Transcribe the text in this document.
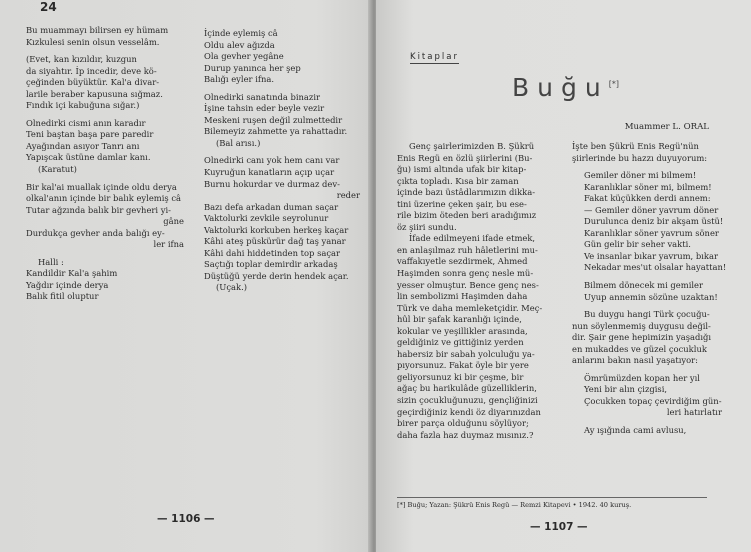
24
Bu muammayı bilirsen ey hümam
Kızkulesi senin olsun vesselâm.
(Evet, kan kızıldır, kuzgun
da siyahtır. İp incedir, deve kö-
çeğinden büyüktür. Kal'a divar-
larile beraber kapusuna sığmaz.
Fındık içi kabuğuna sığar.)
Olnedirki cismi anın karadır
Teni baştan başa pare paredir
Ayağından asıyor Tanrı anı
Yapışcak üstüne damlar kanı.
(Karatut)
Bir kal'ai muallak içinde oldu derya
olkal'anın içinde bir balık eylemiş câ
Tutar ağzında balık bir gevheri yi-
gâne
Durdukça gevher anda balığı ey-
ler ifna
Halli :
Kandildir Kal'a şahim
Yağdır içinde derya
Balık fitil oluptur
İçinde eylemiş câ
Oldu alev ağızda
Ola gevher yegâne
Durup yanınca her şep
Balığı eyler ifna.
Olnedirki sanatında binazir
İşine tahsin eder beyle vezir
Meskeni ruşen değil zulmettedir
Bilemeyiz zahmette ya rahattadır.
(Bal arısı.)
Olnedirki canı yok hem canı var
Kuyruğun kanatların açıp uçar
Burnu hokurdar ve durmaz dev-
reder
Bazı defa arkadan duman saçar
Vaktolurki zevkile seyrolunur
Vaktolurki korkuben herkeş kaçar
Kâhi ateş püskürür dağ taş yanar
Kâhi dahi hiddetinden top saçar
Saçtığı toplar demirdir arkadaş
Düştüğü yerde derin hendek açar.
(Uçak.)
— 1106 —
Kitaplar
Buğu[*]
Muammer L. ORAL
Genç şairlerimizden B. Şükrü
Enis Regü en özlü şiirlerini (Bu-
ğu) ismi altında ufak bir kitap-
çıkta topladı. Kısa bir zaman
içinde bazı üstâdlarımızın dikka-
tini üzerine çeken şair, bu ese-
rile bizim öteden beri aradığımız
öz şiiri sundu.
İfade edilmeyeni ifade etmek,
en anlaşılmaz ruh hâletlerini mu-
vaffakıyetle sezdirmek, Ahmed
Haşimden sonra genç nesle mü-
yesser olmuştur. Bence genç nes-
lin sembolizmi Haşimden daha
Türk ve daha memleketçidir. Meç-
hûl bir şafak karanlığı içinde,
kokular ve yeşillikler arasında,
geldiğiniz ve gittiğiniz yerden
habersiz bir sabah yolculuğu ya-
pıyorsunuz. Fakat öyle bir yere
geliyorsunuz ki bir çeşme, bir
ağaç bu harikulâde güzelliklerin,
sizin çocukluğunuzu, gençliğinizi
geçirdiğiniz kendi öz diyarınızdan
birer parça olduğunu söylüyor;
daha fazla haz duymaz mısınız.?
İşte ben Şükrü Enis Regü'nün
şiirlerinde bu hazzı duyuyorum:
Gemiler döner mi bilmem!
Karanlıklar söner mi, bilmem!
Fakat küçükken derdi annem:
— Gemiler döner yavrum döner
Durulunca deniz bir akşam üstü!
Karanlıklar söner yavrum söner
Gün gelir bir seher vakti.
Ve insanlar bıkar yavrum, bıkar
Nekadar mes'ut olsalar hayattan!
Bilmem dönecek mi gemiler
Uyup annemin sözüne uzaktan!
Bu duygu hangi Türk çocuğu-
nun söylenmemiş duygusu değil-
dir. Şair gene hepimizin yaşadığı
en mukaddes ve güzel çocukluk
anlarını bakın nasıl yaşatıyor:
Ömrümüzden kopan her yıl
Yeni bir alın çizgisi,
Çocukken topaç çevirdiğim gün-
leri hatırlatır
Ay ışığında cami avlusu,
[*] Buğu; Yazan: Şükrü Enis Regü — Remzi Kitapevi • 1942. 40 kuruş.
— 1107 —
